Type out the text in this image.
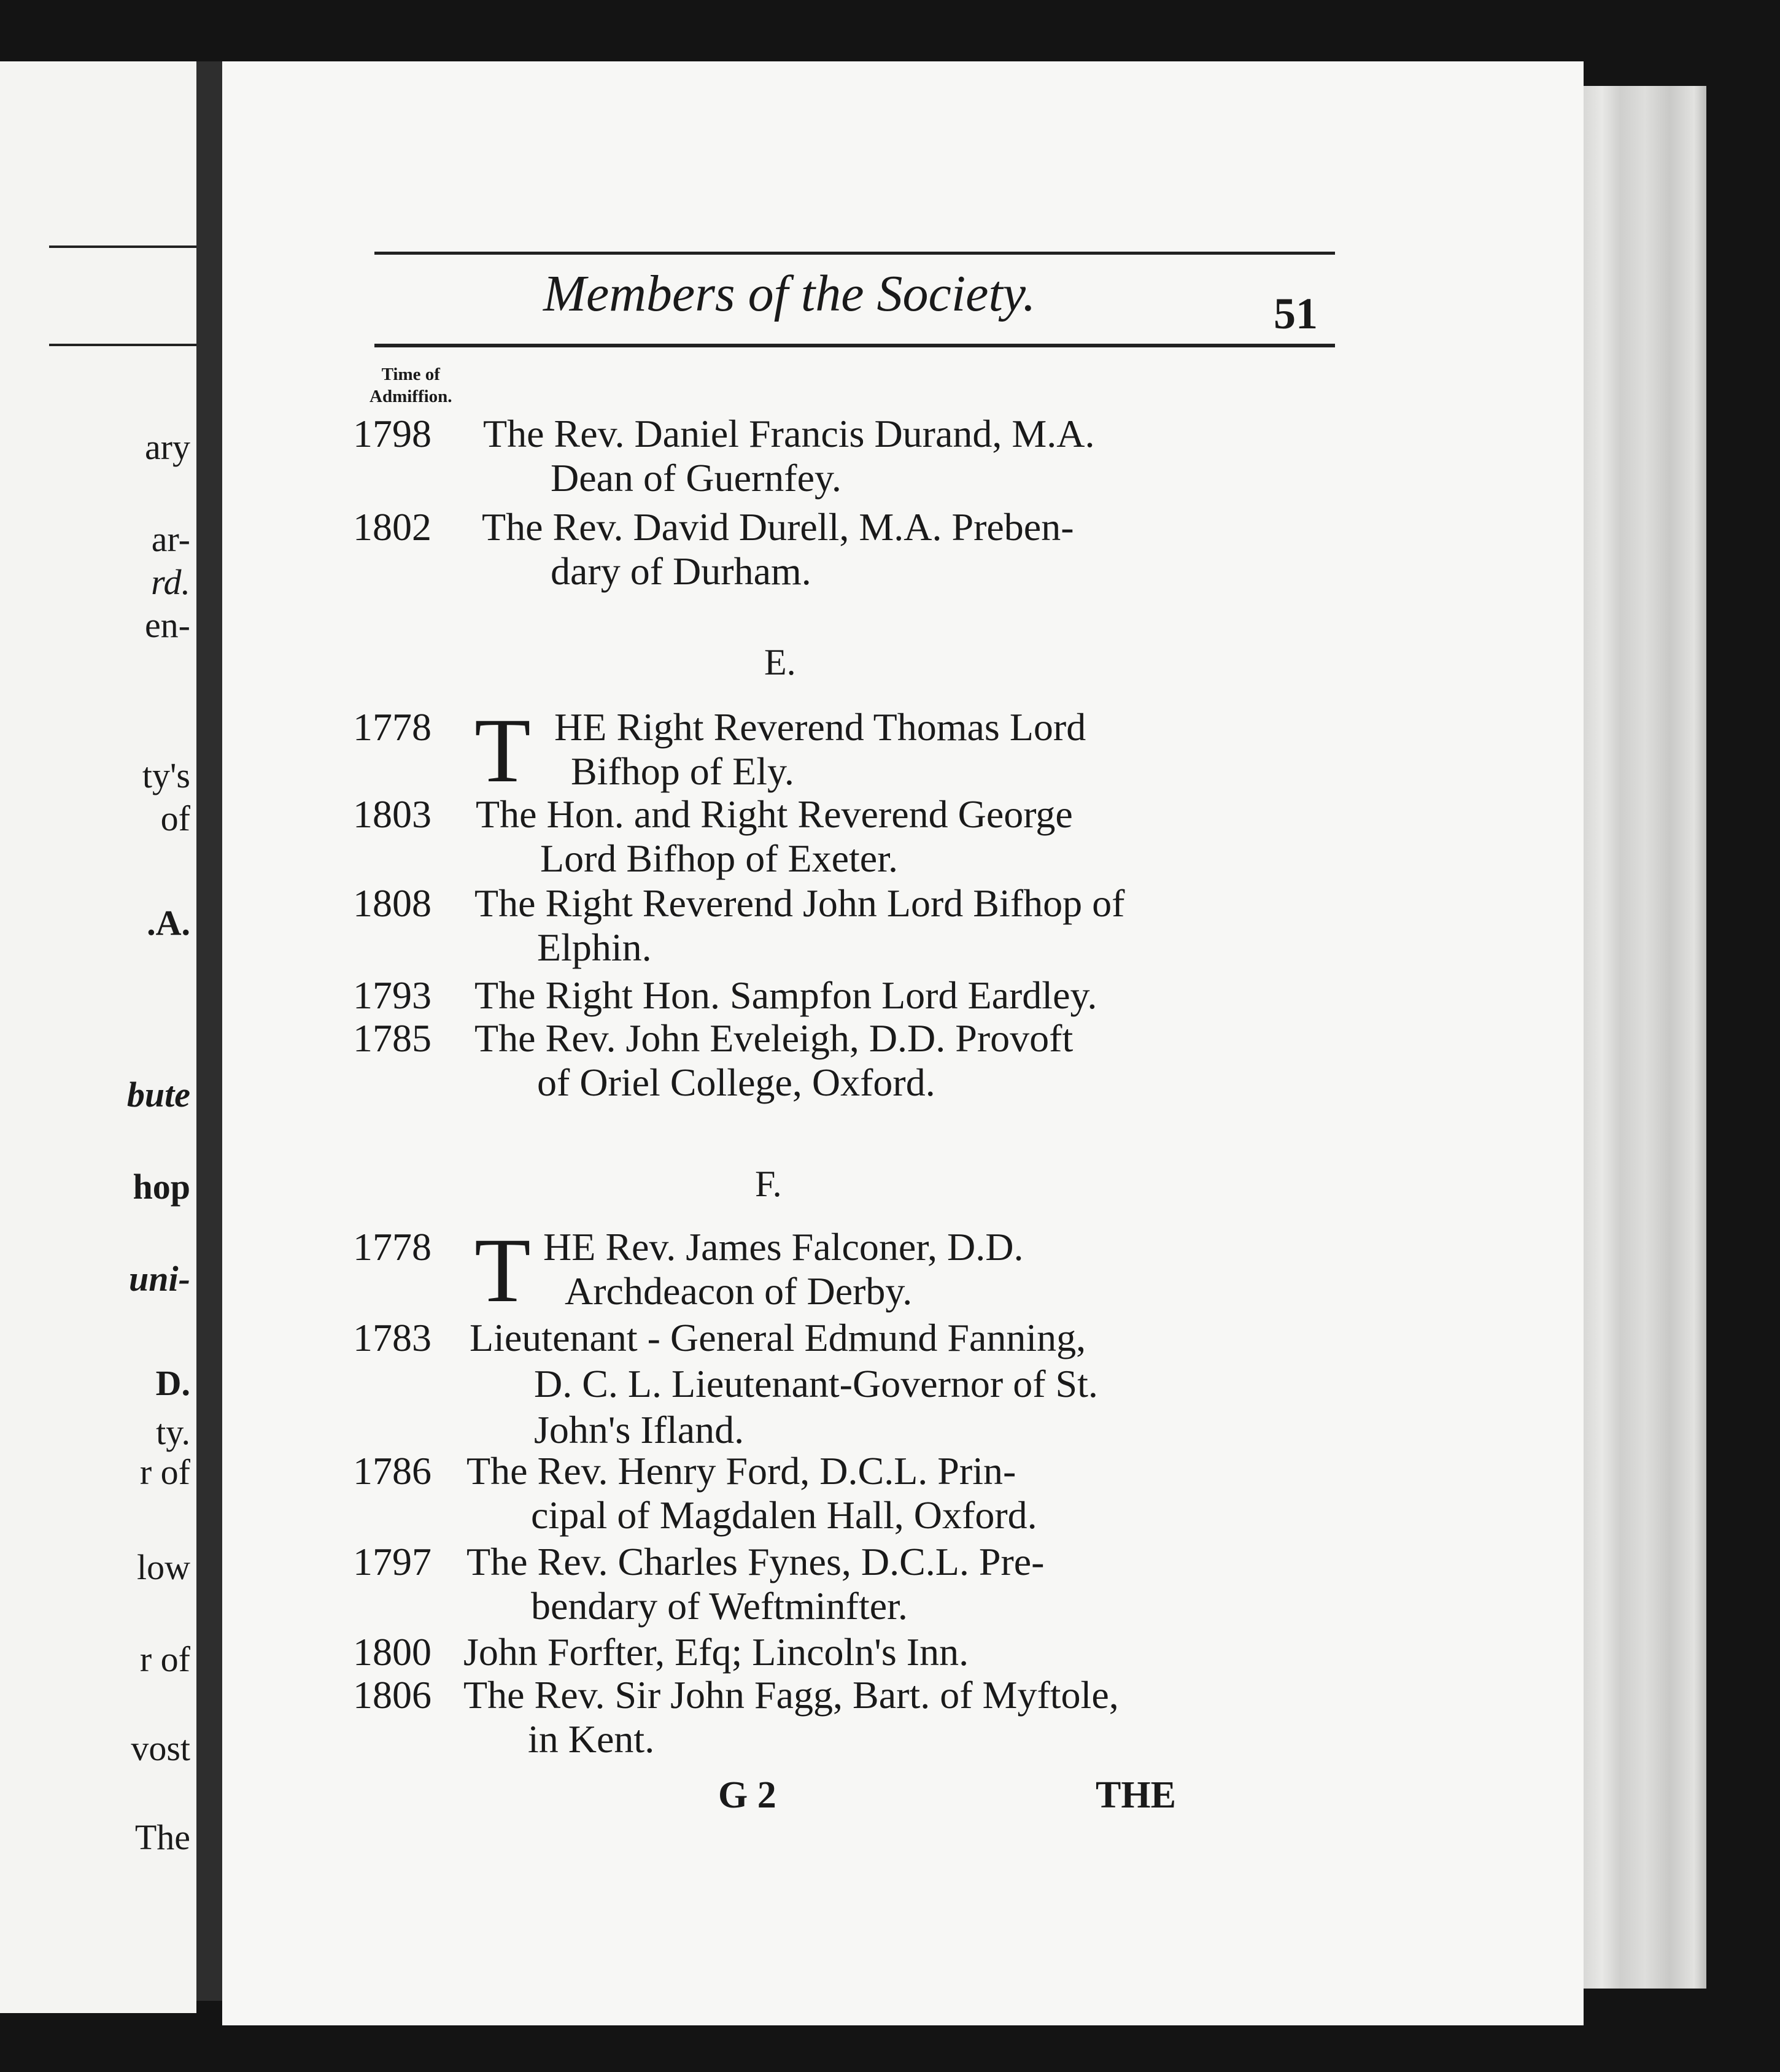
ary
ar-
rd.
en-
ty's
of
.A.
bute
hop
uni-
D.
ty.
r of
low
r of
vost
The
Members of the Society.	51
Time of
Admiffion.
1798 The Rev. Daniel Francis Durand, M.A.
Dean of Guernfey.
1802 The Rev. David Durell, M.A. Preben-
dary of Durham.
E.
1778 T HE Right Reverend Thomas Lord
Bifhop of Ely.
1803 The Hon. and Right Reverend George
Lord Bifhop of Exeter.
1808 The Right Reverend John Lord Bifhop of
Elphin.
1793 The Right Hon. Sampfon Lord Eardley.
1785 The Rev. John Eveleigh, D.D. Provoft
of Oriel College, Oxford.
F.
1778 T HE Rev. James Falconer, D.D.
Archdeacon of Derby.
1783 Lieutenant - General Edmund Fanning,
D. C. L. Lieutenant-Governor of St.
John's Ifland.
1786 The Rev. Henry Ford, D.C.L. Prin-
cipal of Magdalen Hall, Oxford.
1797 The Rev. Charles Fynes, D.C.L. Pre-
bendary of Weftminfter.
1800 John Forfter, Efq; Lincoln's Inn.
1806 The Rev. Sir John Fagg, Bart. of Myftole,
in Kent.
G 2	THE
